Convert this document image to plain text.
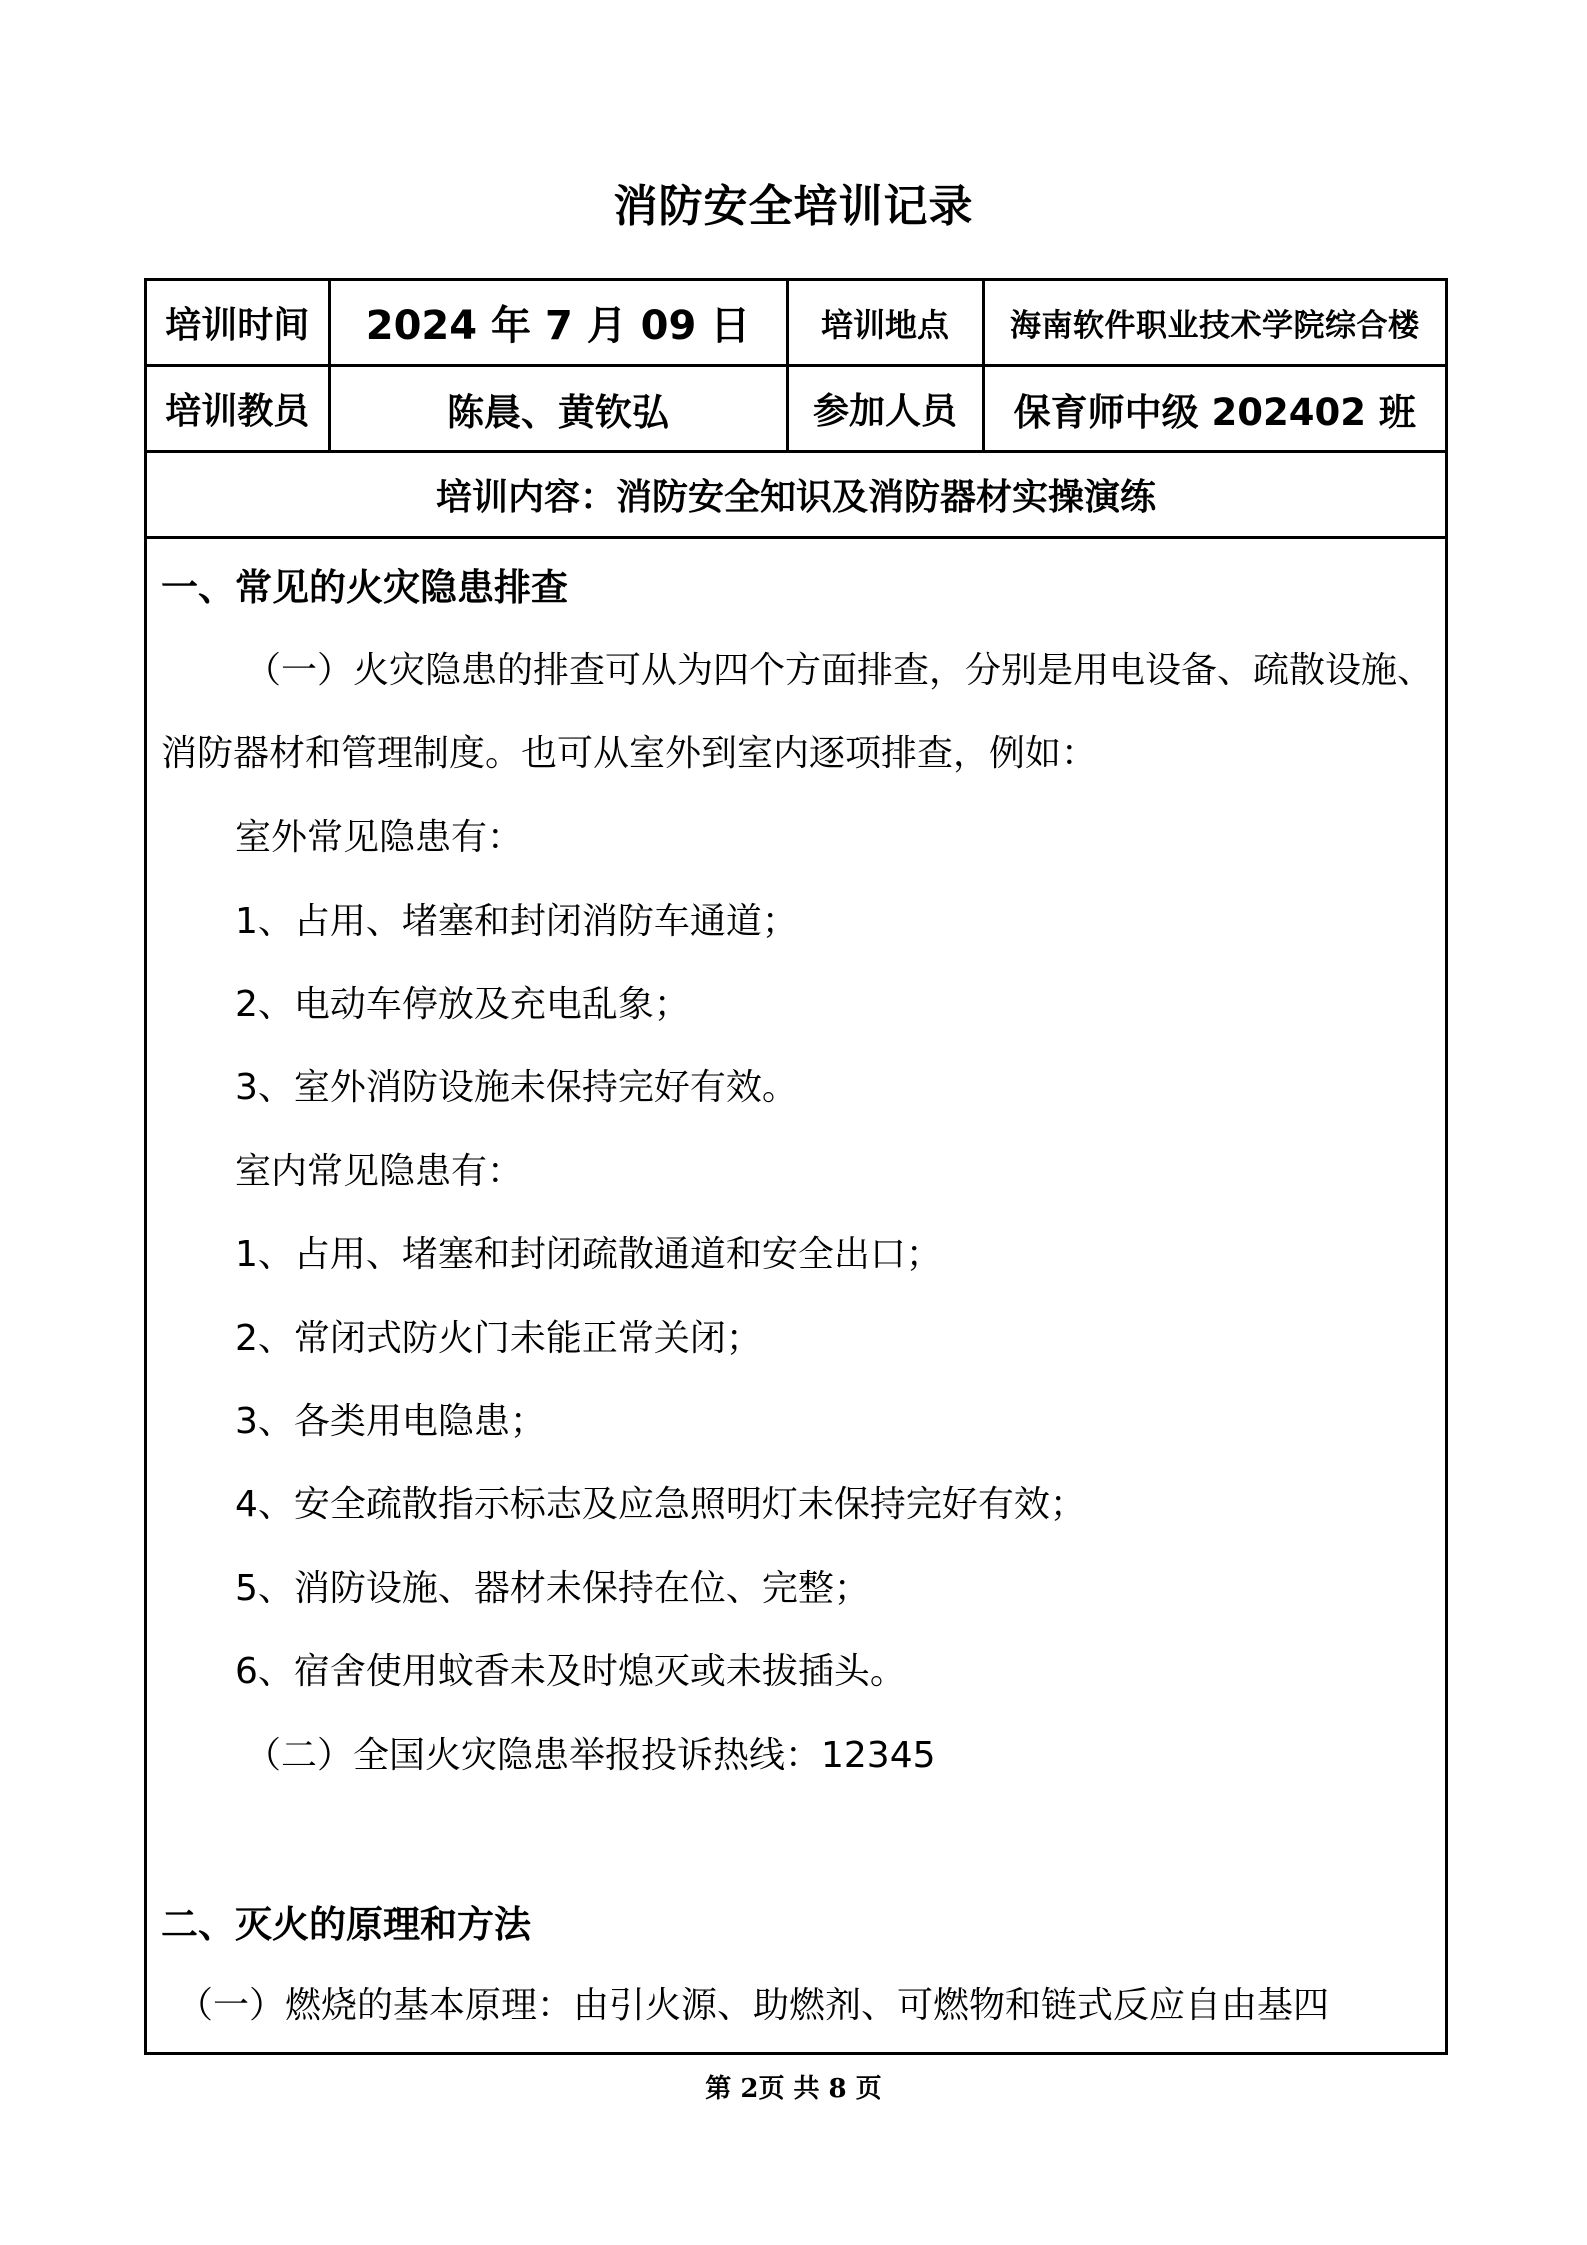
消防安全培训记录
培训时间	2024 年 7 月 09 日	培训地点	海南软件职业技术学院综合楼
培训教员	陈晨、黄钦弘	参加人员	保育师中级 202402 班
培训内容：消防安全知识及消防器材实操演练			
一、常见的火灾隐患排查
（一）火灾隐患的排查可从为四个方面排查，分别是用电设备、疏散设施、
消防器材和管理制度。也可从室外到室内逐项排查，例如：
室外常见隐患有：
1、占用、堵塞和封闭消防车通道；
2、电动车停放及充电乱象；
3、室外消防设施未保持完好有效。
室内常见隐患有：
1、占用、堵塞和封闭疏散通道和安全出口；
2、常闭式防火门未能正常关闭；
3、各类用电隐患；
4、安全疏散指示标志及应急照明灯未保持完好有效；
5、消防设施、器材未保持在位、完整；
6、宿舍使用蚊香未及时熄灭或未拔插头。
（二）全国火灾隐患举报投诉热线：12345
二、灭火的原理和方法
（一）燃烧的基本原理：由引火源、助燃剂、可燃物和链式反应自由基四
第 2页 共 8 页
